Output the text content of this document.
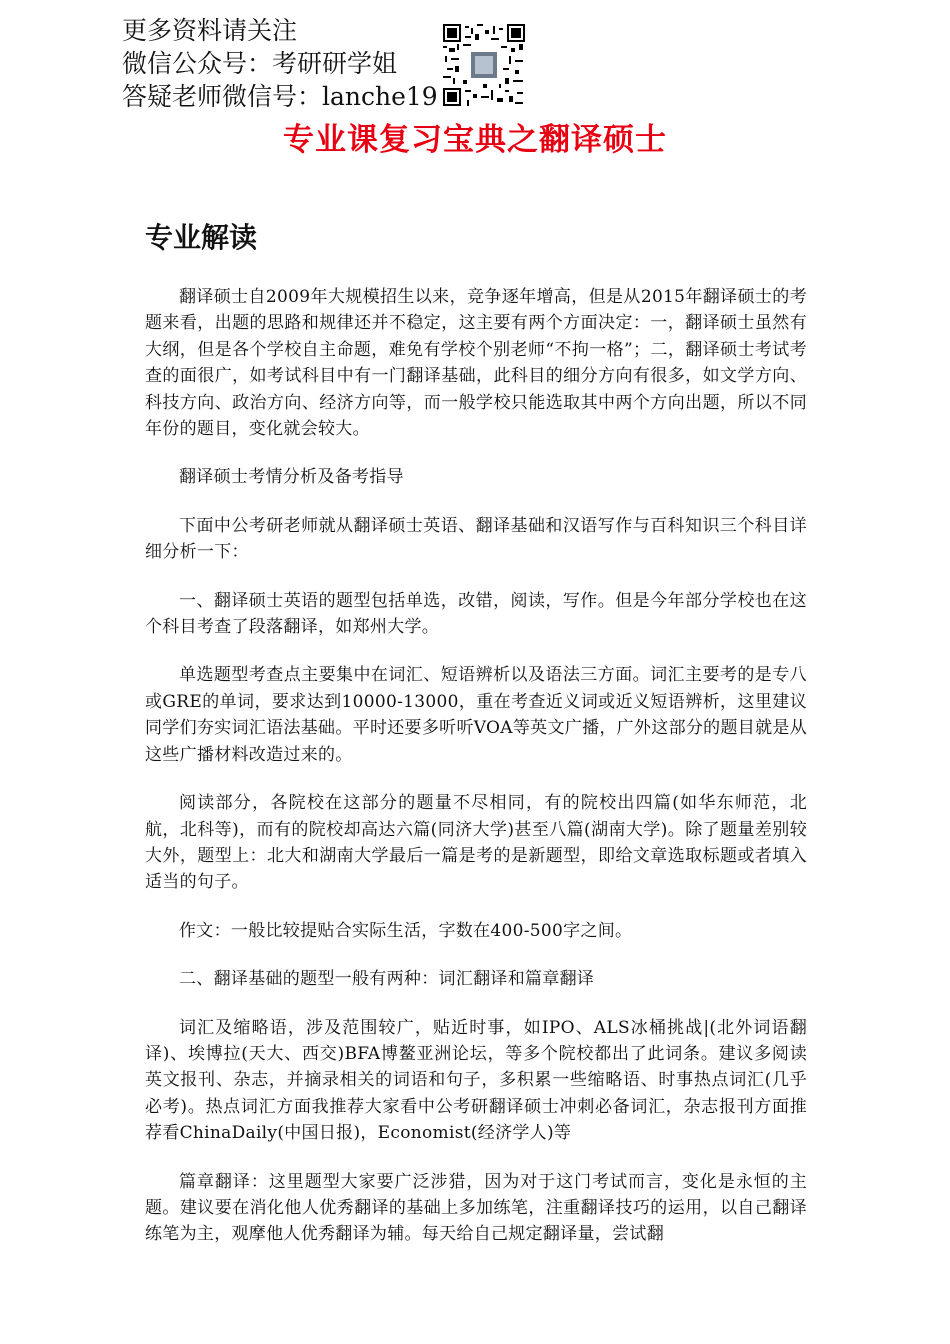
更多资料请关注
微信公众号：考研研学姐
答疑老师微信号：lanche19
专业课复习宝典之翻译硕士
专业解读

翻译硕士自2009年大规模招生以来，竞争逐年增高，但是从2015年翻译硕士的考题来看，出题的思路和规律还并不稳定，这主要有两个方面决定：一，翻译硕士虽然有大纲，但是各个学校自主命题，难免有学校个别老师“不拘一格”；二，翻译硕士考试考查的面很广，如考试科目中有一门翻译基础，此科目的细分方向有很多，如文学方向、科技方向、政治方向、经济方向等，而一般学校只能选取其中两个方向出题，所以不同年份的题目，变化就会较大。

翻译硕士考情分析及备考指导

下面中公考研老师就从翻译硕士英语、翻译基础和汉语写作与百科知识三个科目详细分析一下：

一、翻译硕士英语的题型包括单选，改错，阅读，写作。但是今年部分学校也在这个科目考查了段落翻译，如郑州大学。

单选题型考查点主要集中在词汇、短语辨析以及语法三方面。词汇主要考的是专八或GRE的单词，要求达到10000-13000，重在考查近义词或近义短语辨析，这里建议同学们夯实词汇语法基础。平时还要多听听VOA等英文广播，广外这部分的题目就是从这些广播材料改造过来的。

阅读部分，各院校在这部分的题量不尽相同，有的院校出四篇(如华东师范，北航，北科等)，而有的院校却高达六篇(同济大学)甚至八篇(湖南大学)。除了题量差别较大外，题型上：北大和湖南大学最后一篇是考的是新题型，即给文章选取标题或者填入适当的句子。

作文：一般比较提贴合实际生活，字数在400-500字之间。

二、翻译基础的题型一般有两种：词汇翻译和篇章翻译

词汇及缩略语，涉及范围较广，贴近时事，如IPO、ALS冰桶挑战|(北外词语翻译)、埃博拉(天大、西交)BFA博鳌亚洲论坛，等多个院校都出了此词条。建议多阅读英文报刊、杂志，并摘录相关的词语和句子，多积累一些缩略语、时事热点词汇(几乎必考)。热点词汇方面我推荐大家看中公考研翻译硕士冲刺必备词汇，杂志报刊方面推荐看ChinaDaily(中国日报)，Economist(经济学人)等

篇章翻译：这里题型大家要广泛涉猎，因为对于这门考试而言，变化是永恒的主题。建议要在消化他人优秀翻译的基础上多加练笔，注重翻译技巧的运用，以自己翻译练笔为主，观摩他人优秀翻译为辅。每天给自己规定翻译量，尝试翻
